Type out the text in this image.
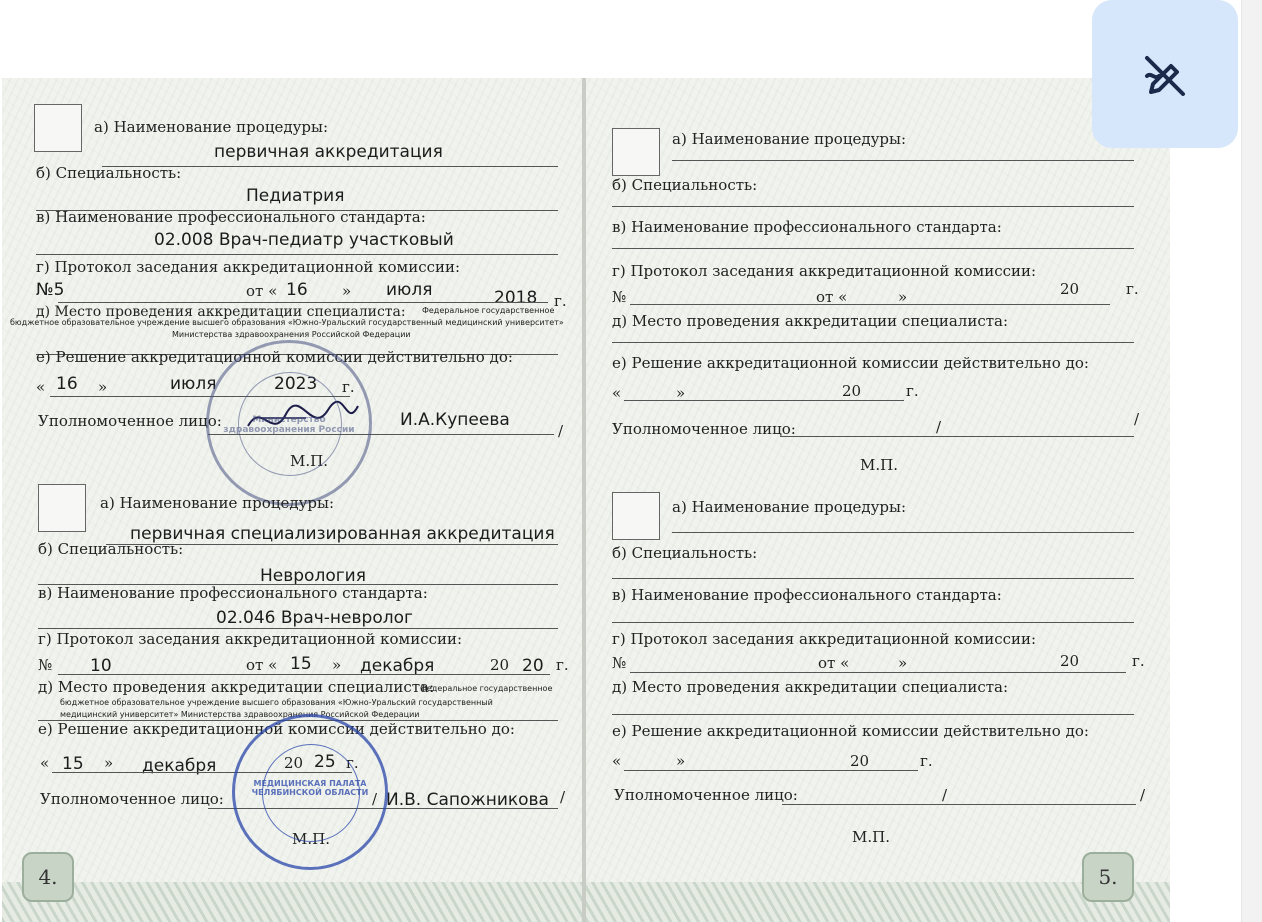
а) Наименование процедуры:
первичная аккредитация
б) Специальность:
Педиатрия
в) Наименование профессионального стандарта:
02.008 Врач-педиатр участковый
г) Протокол заседания аккредитационной комиссии:
№5	от « 16 » июля	2018 г.
д) Место проведения аккредитации специалиста: Федеральное государственное
бюджетное образовательное учреждение высшего образования «Южно-Уральский государственный медицинский университет»
Министерства здравоохранения Российской Федерации
е) Решение аккредитационной комиссии действительно до:
« 16 »	июля	2023 г.
Уполномоченное лицо:	И.А.Купеева
/
М.П.
Министерство здравоохранения России
а) Наименование процедуры:
первичная специализированная аккредитация
б) Специальность:
Неврология
в) Наименование профессионального стандарта:
02.046 Врач-невролог
г) Протокол заседания аккредитационной комиссии:
№ 10	от « 15 » декабря	20 20 г.
д) Место проведения аккредитации специалиста:
Федеральное государственное
бюджетное образовательное учреждение высшего образования «Южно-Уральский государственный
медицинский университет» Министерства здравоохранения Российской Федерации
е) Решение аккредитационной комиссии действительно до:
« 15 » декабря	20 25 г.
Уполномоченное лицо:	И.В. Сапожникова
/	/
М.П.
МЕДИЦИНСКАЯ ПАЛАТА ЧЕЛЯБИНСКОЙ ОБЛАСТИ
4.
а) Наименование процедуры:
б) Специальность:
в) Наименование профессионального стандарта:
г) Протокол заседания аккредитационной комиссии:
№	от «	»	20	г.
д) Место проведения аккредитации специалиста:
е) Решение аккредитационной комиссии действительно до:
«	»	20	г.
Уполномоченное лицо:	/	/
М.П.
а) Наименование процедуры:
б) Специальность:
в) Наименование профессионального стандарта:
г) Протокол заседания аккредитационной комиссии:
№	от «	»	20	г.
д) Место проведения аккредитации специалиста:
е) Решение аккредитационной комиссии действительно до:
«	»	20	г.
Уполномоченное лицо:	/	/
М.П.
5.
